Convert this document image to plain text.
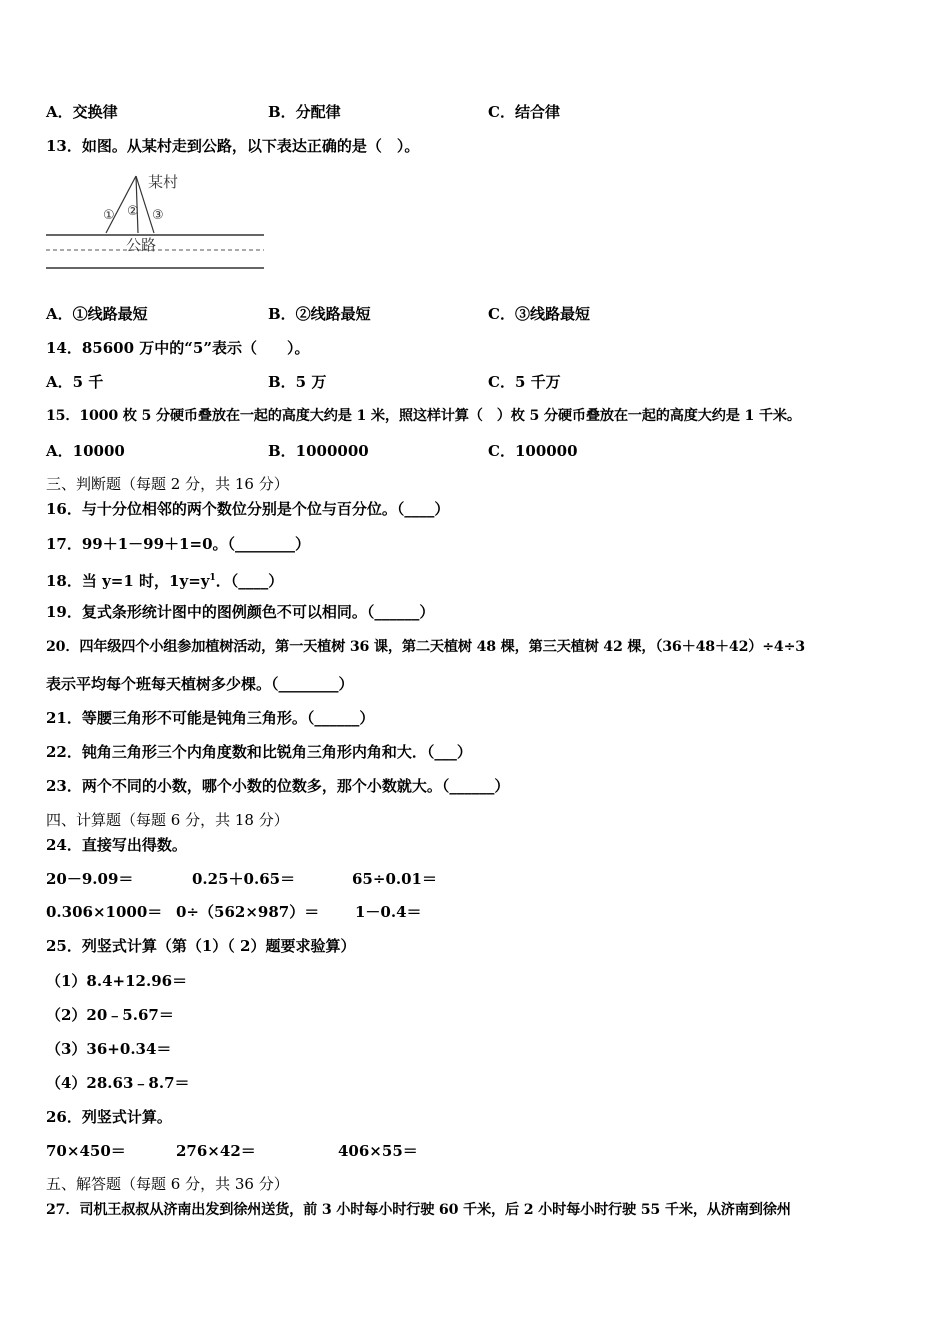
A．交换律	B．分配律	C．结合律
13．如图。从某村走到公路，以下表达正确的是（　）。
某村
公路
① ② ③
A．①线路最短	B．②线路最短	C．③线路最短
14．85600 万中的“5”表示（　　）。
A．5 千	B．5 万	C．5 千万
15．1000 枚 5 分硬币叠放在一起的高度大约是 1 米，照这样计算（　）枚 5 分硬币叠放在一起的高度大约是 1 千米。
A．10000	B．1000000	C．100000
三、判断题（每题 2 分，共 16 分）
16．与十分位相邻的两个数位分别是个位与百分位。（____）
17．99＋1－99＋1=0。（________）
18．当 y=1 时，$1y=y^1$．（____）
19．复式条形统计图中的图例颜色不可以相同。（______）
20．四年级四个小组参加植树活动，第一天植树 36 课，第二天植树 48 棵，第三天植树 42 棵，（36＋48＋42）÷4÷3
表示平均每个班每天植树多少棵。（________）
21．等腰三角形不可能是钝角三角形。（______）
22．钝角三角形三个内角度数和比锐角三角形内角和大．（___）
23．两个不同的小数，哪个小数的位数多，那个小数就大。（______）
四、计算题（每题 6 分，共 18 分）
24．直接写出得数。
20－9.09＝	0.25＋0.65＝	65÷0.01＝
0.306×1000＝ 0÷（562×987）＝ 1－0.4＝
25．列竖式计算（第（1）（ 2）题要求验算）
（1）8.4+12.96＝
（2）20﹣5.67＝
（3）36+0.34＝
（4）28.63﹣8.7＝
26．列竖式计算。
70×450＝	276×42＝	406×55＝
五、解答题（每题 6 分，共 36 分）
27．司机王叔叔从济南出发到徐州送货，前 3 小时每小时行驶 60 千米，后 2 小时每小时行驶 55 千米，从济南到徐州
